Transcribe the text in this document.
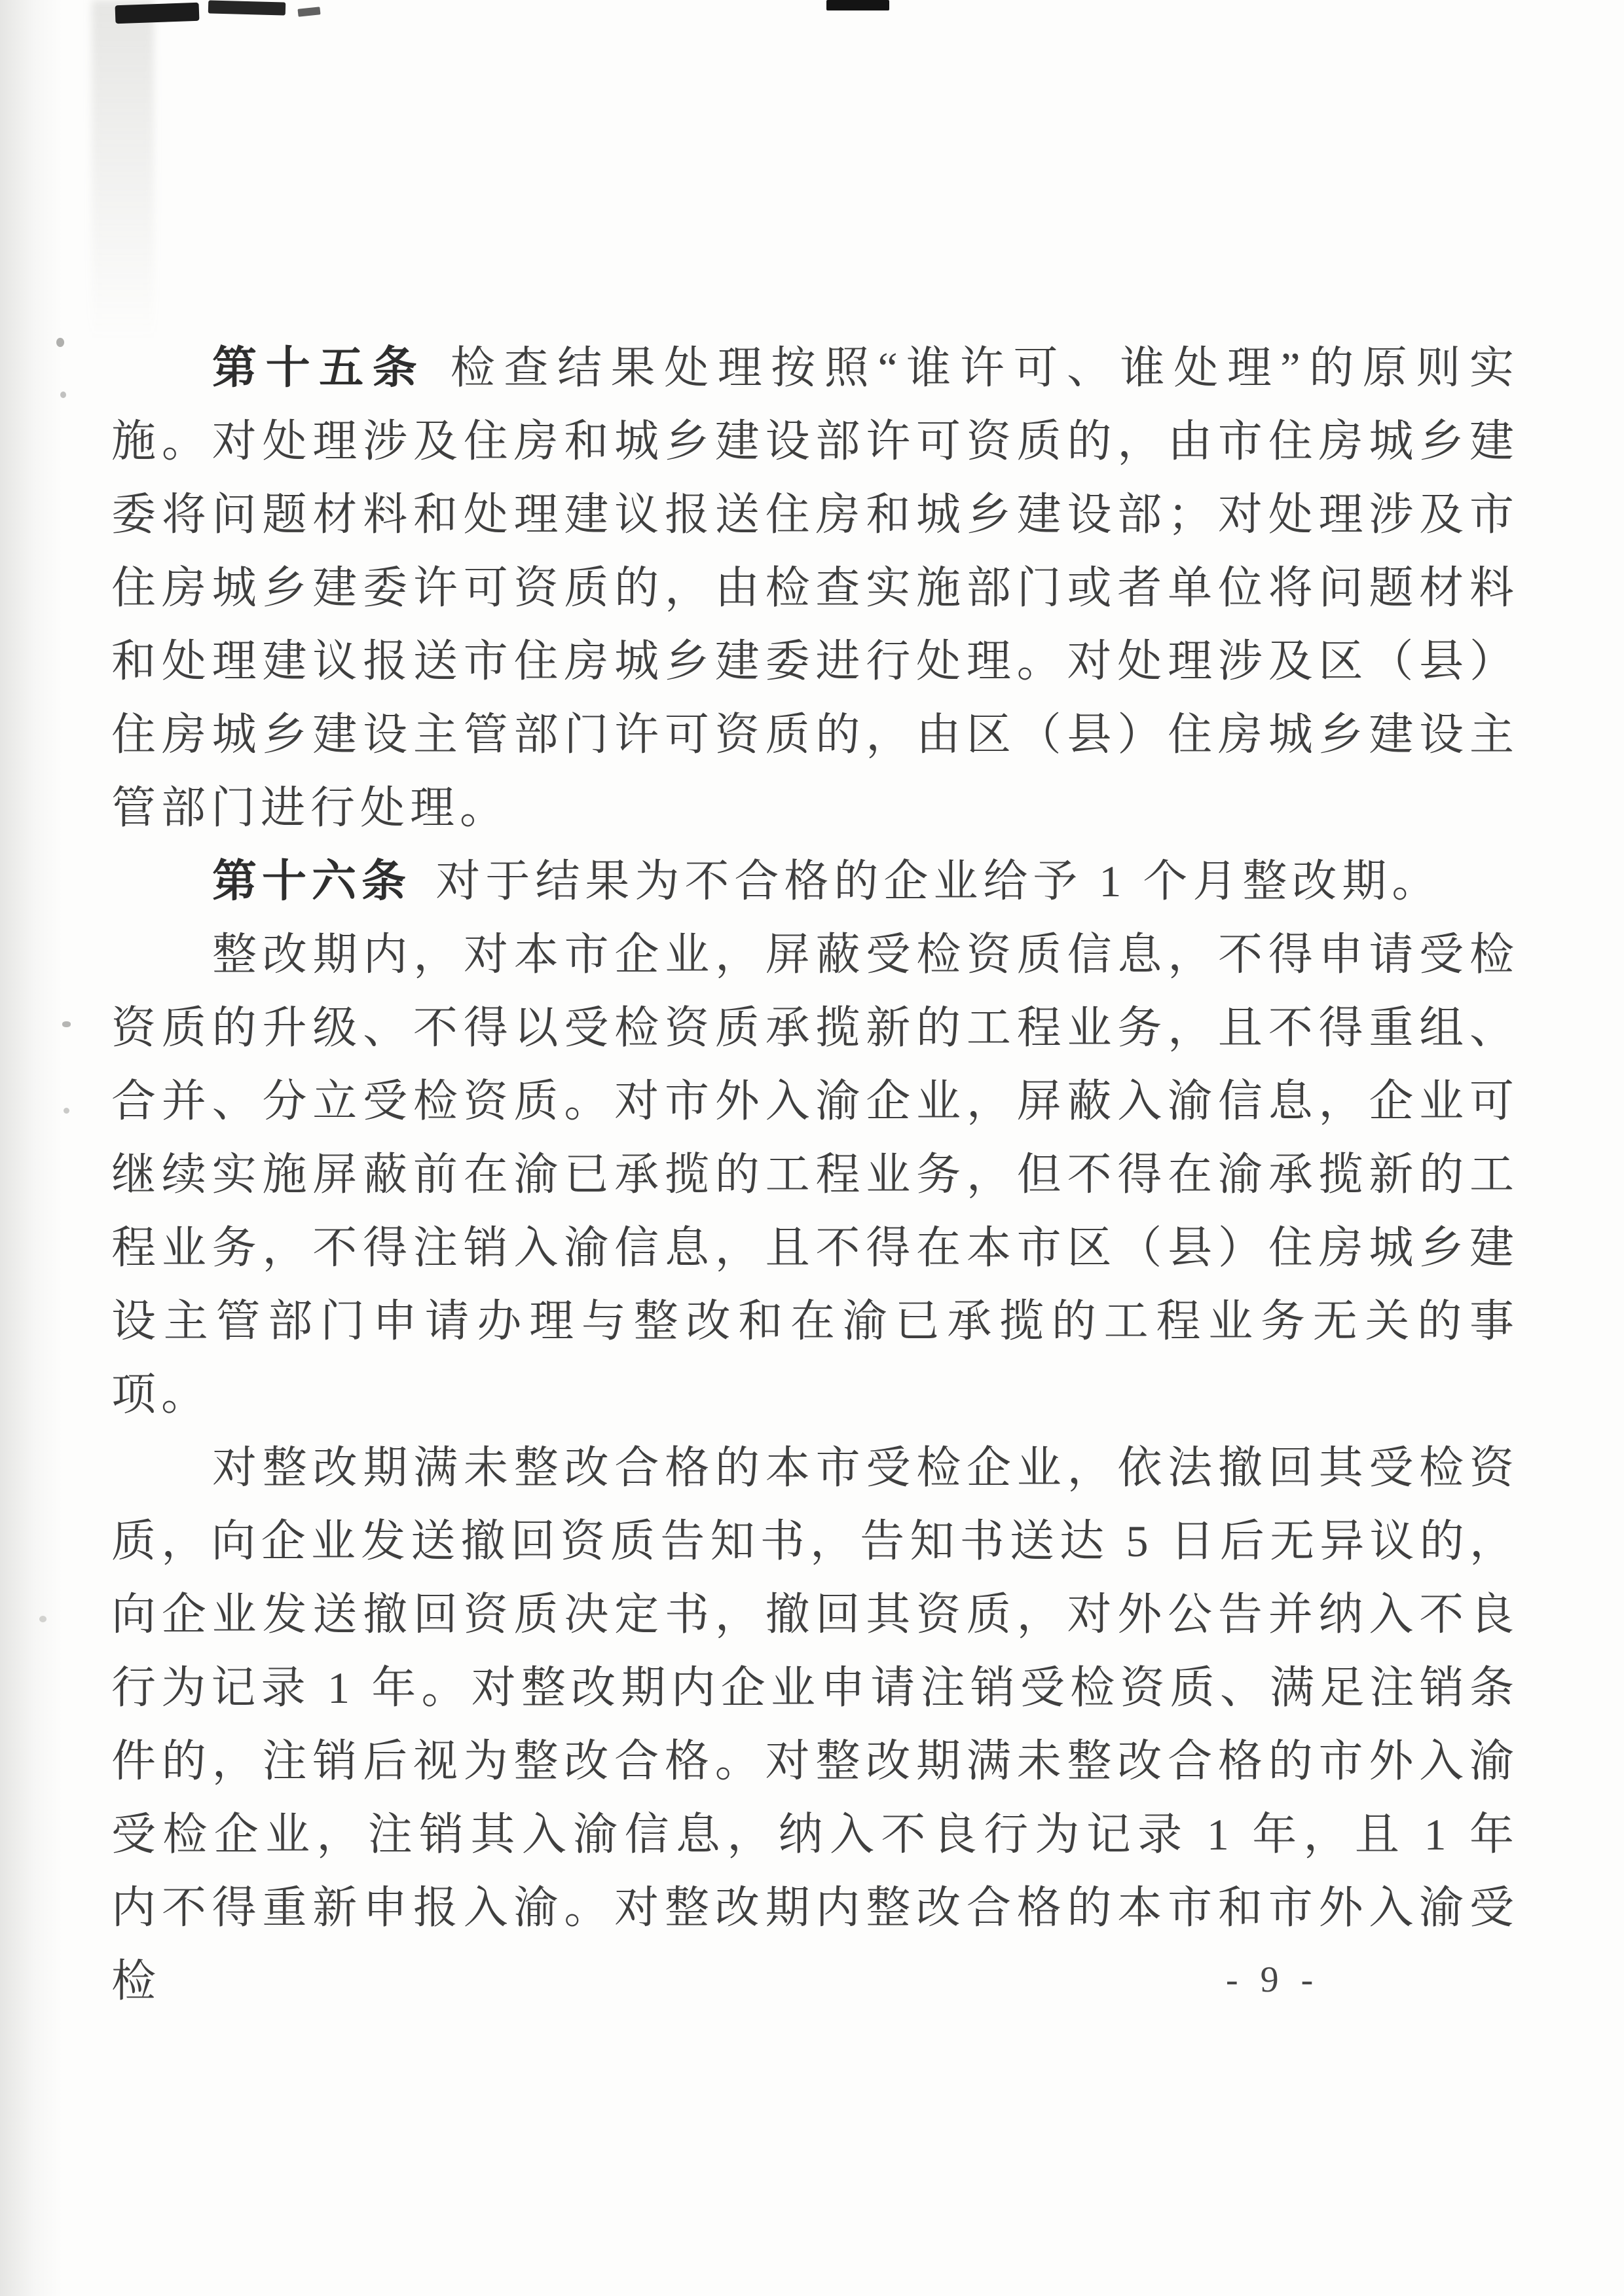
第十五条 检查结果处理按照“谁许可、谁处理”的原则实施。对处理涉及住房和城乡建设部许可资质的，由市住房城乡建委将问题材料和处理建议报送住房和城乡建设部；对处理涉及市住房城乡建委许可资质的，由检查实施部门或者单位将问题材料和处理建议报送市住房城乡建委进行处理。对处理涉及区（县）住房城乡建设主管部门许可资质的，由区（县）住房城乡建设主管部门进行处理。

第十六条 对于结果为不合格的企业给予 1 个月整改期。

整改期内，对本市企业，屏蔽受检资质信息，不得申请受检资质的升级、不得以受检资质承揽新的工程业务，且不得重组、合并、分立受检资质。对市外入渝企业，屏蔽入渝信息，企业可继续实施屏蔽前在渝已承揽的工程业务，但不得在渝承揽新的工程业务，不得注销入渝信息，且不得在本市区（县）住房城乡建设主管部门申请办理与整改和在渝已承揽的工程业务无关的事项。

对整改期满未整改合格的本市受检企业，依法撤回其受检资质，向企业发送撤回资质告知书，告知书送达 5 日后无异议的，向企业发送撤回资质决定书，撤回其资质，对外公告并纳入不良行为记录 1 年。对整改期内企业申请注销受检资质、满足注销条件的，注销后视为整改合格。对整改期满未整改合格的市外入渝受检企业，注销其入渝信息，纳入不良行为记录 1 年，且 1 年内不得重新申报入渝。对整改期内整改合格的本市和市外入渝受检	- 9 -
